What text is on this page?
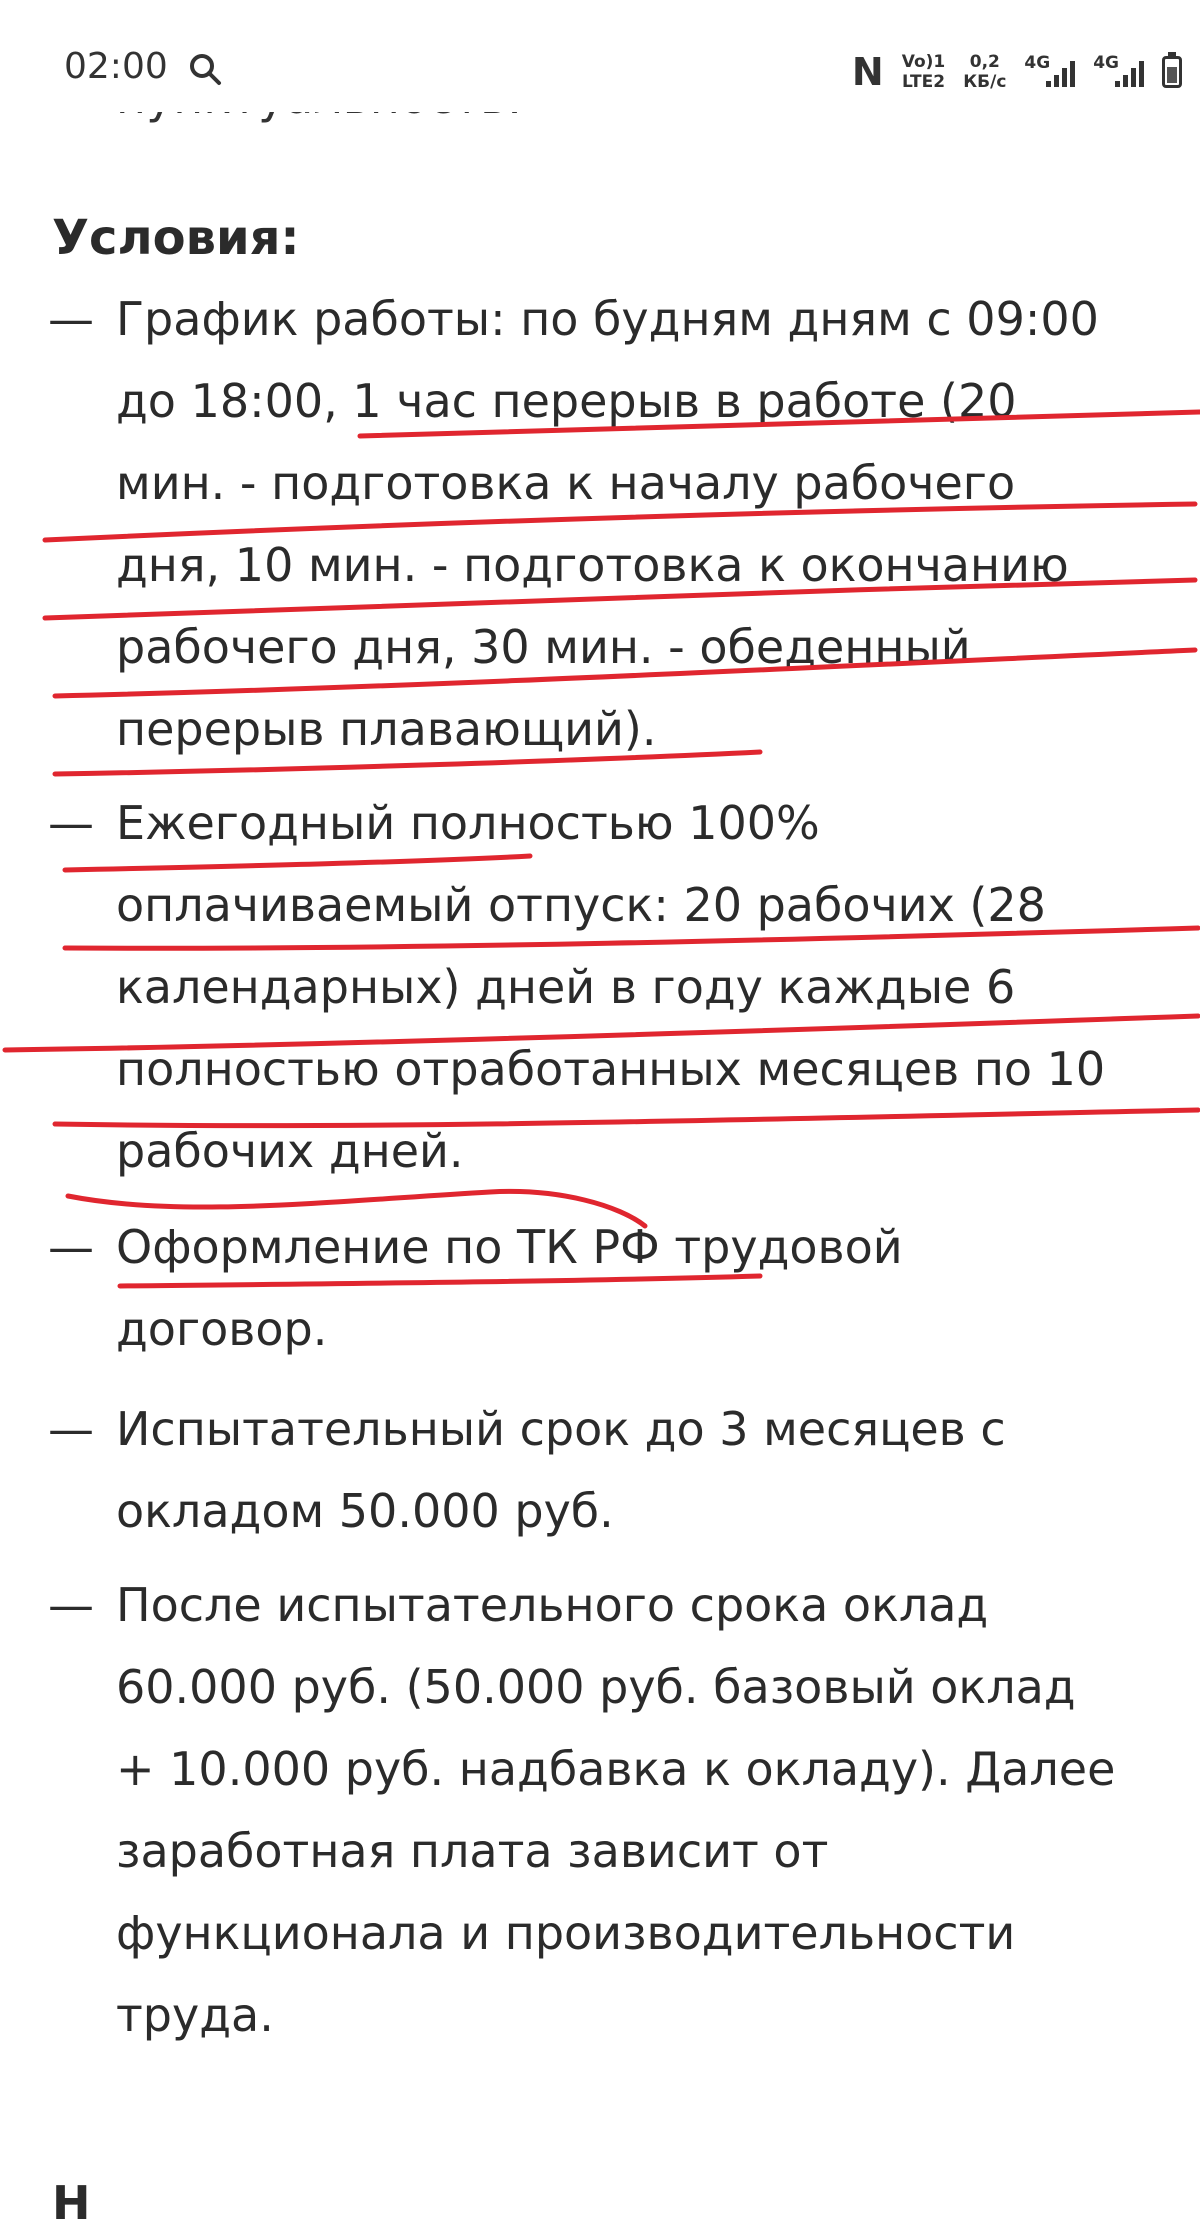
02:00	N Vo)1
LTE2
0,2
КБ/с
4G	4G
Условия:
— График работы: по будням дням с 09:00
до 18:00, 1 час перерыв в работе (20
мин. - подготовка к началу рабочего
дня, 10 мин. - подготовка к окончанию
рабочего дня, 30 мин. - обеденный
перерыв плавающий).
— Ежегодный полностью 100%
оплачиваемый отпуск: 20 рабочих (28
календарных) дней в году каждые 6
полностью отработанных месяцев по 10
рабочих дней.
— Оформление по ТК РФ трудовой
договор.
— Испытательный срок до 3 месяцев с
окладом 50.000 руб.
— После испытательного срока оклад
60.000 руб. (50.000 руб. базовый оклад
+ 10.000 руб. надбавка к окладу). Далее
заработная плата зависит от
функционала и производительности
труда.
Н
